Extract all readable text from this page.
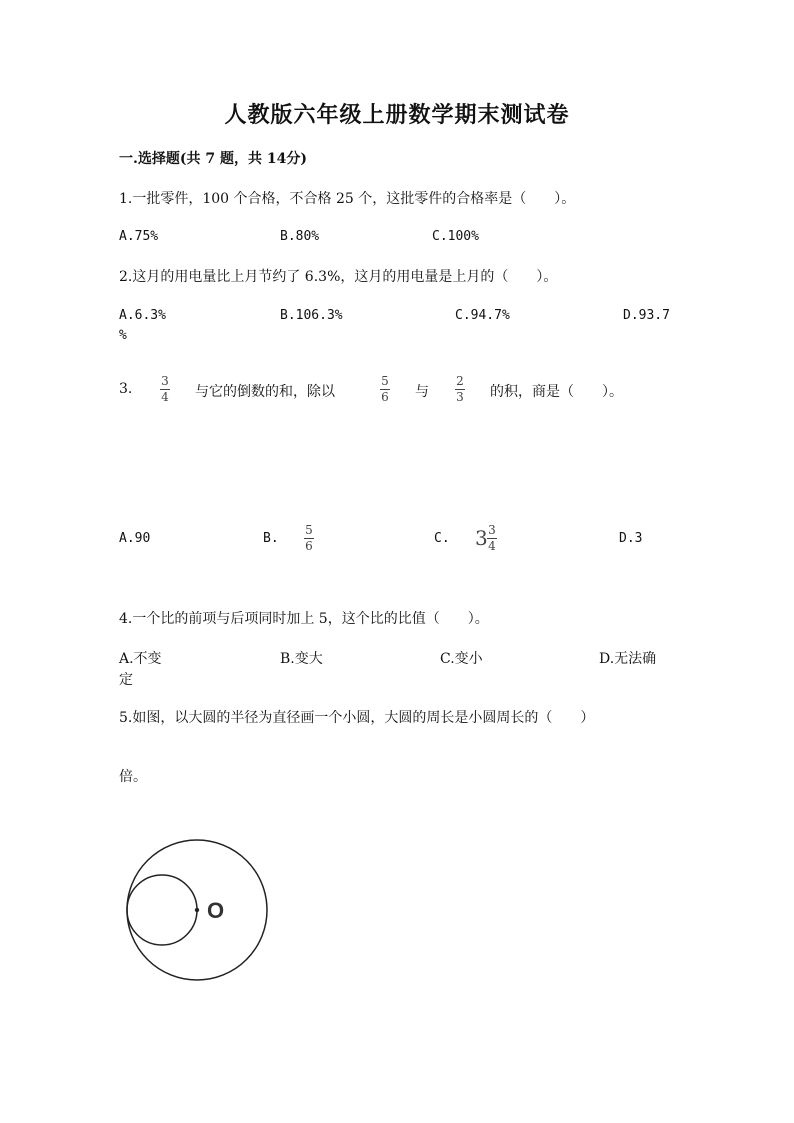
人教版六年级上册数学期末测试卷
一.选择题(共 7 题，共 14分)
1.一批零件，100 个合格，不合格 25 个，这批零件的合格率是（　　）。
A.75%	B.80%	C.100%
2.这月的用电量比上月节约了 6.3%，这月的用电量是上月的（　　）。
A.6.3%	B.106.3%	C.94.7%	D.93.7
%
3. 3
4 与它的倒数的和，除以
5
6 与
2
3 的积，商是（　　）。
A.90	B.
5
6	C. 3 3
4	D.3
4.一个比的前项与后项同时加上 5，这个比的比值（　　）。
A.不变	B.变大	C.变小	D.无法确
定
5.如图，以大圆的半径为直径画一个小圆，大圆的周长是小圆周长的（　　）
倍。
O
